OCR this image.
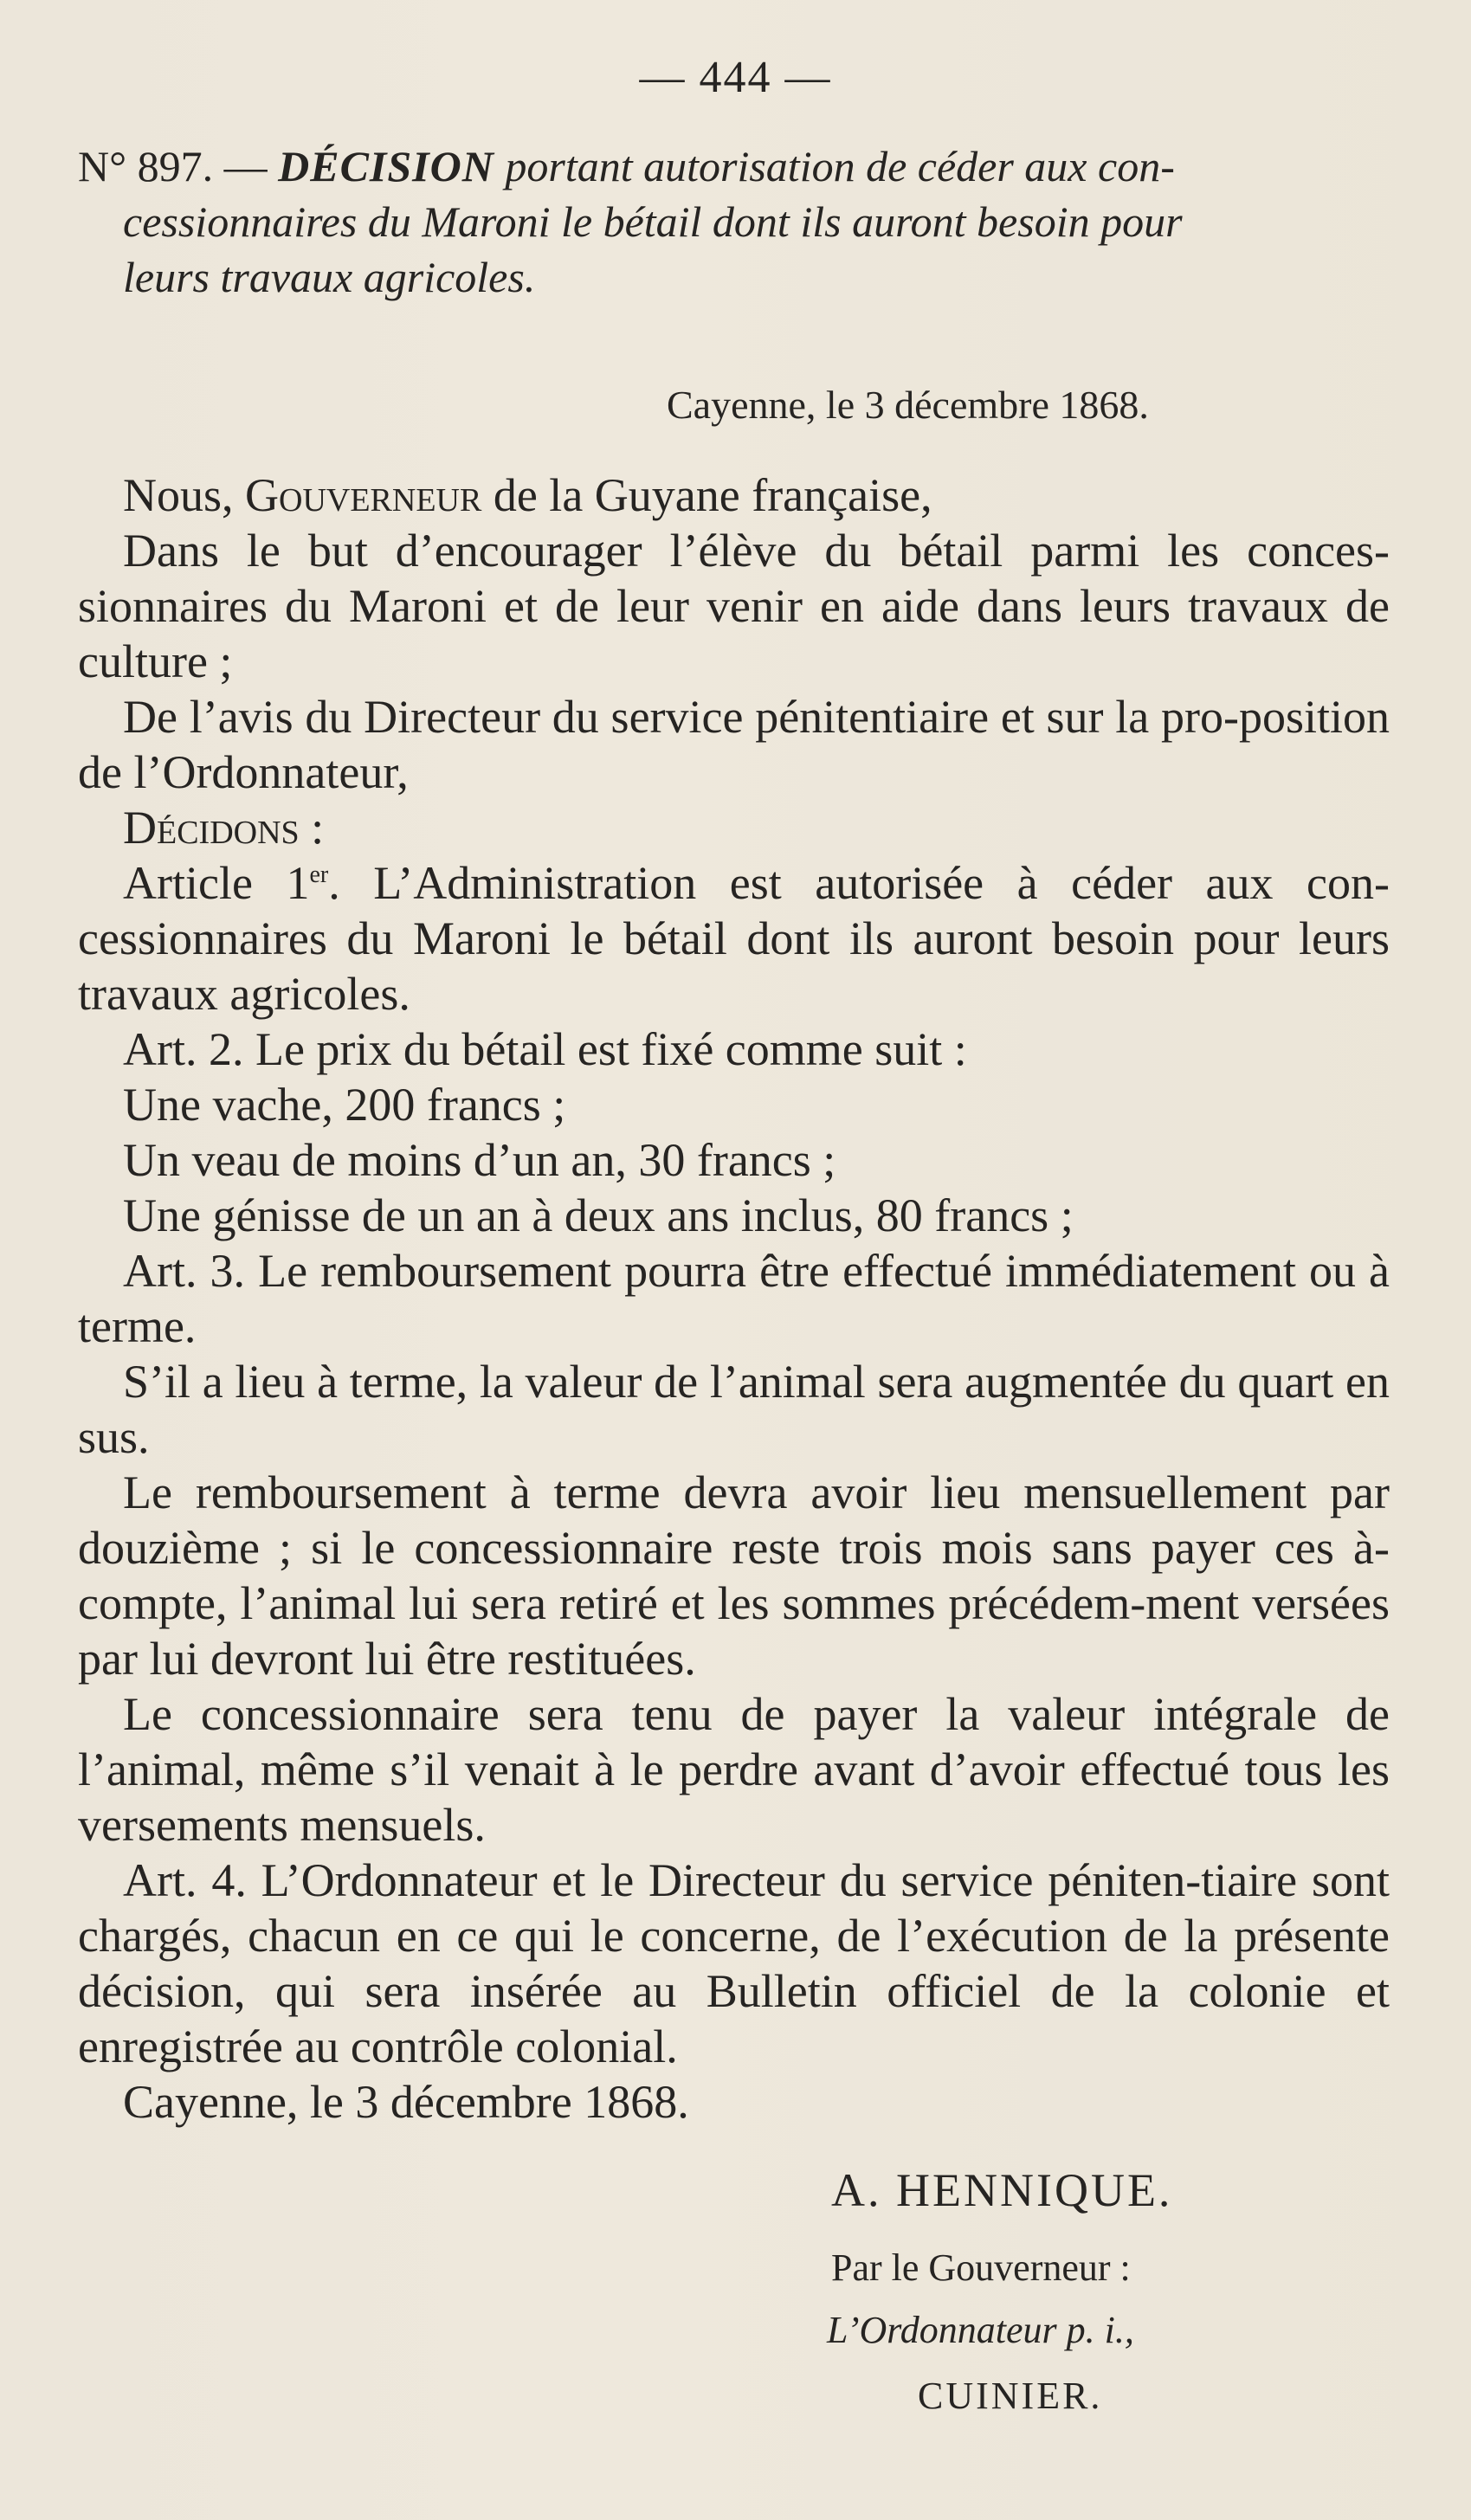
— 444 —
N° 897. — DÉCISION portant autorisation de céder aux con-
cessionnaires du Maroni le bétail dont ils auront besoin pour
leurs travaux agricoles.
Cayenne, le 3 décembre 1868.

Nous, Gouverneur de la Guyane française,

Dans le but d’encourager l’élève du bétail parmi les conces-sionnaires du Maroni et de leur venir en aide dans leurs travaux de culture ;

De l’avis du Directeur du service pénitentiaire et sur la pro-position de l’Ordonnateur,

Décidons :

Article 1er. L’Administration est autorisée à céder aux con-cessionnaires du Maroni le bétail dont ils auront besoin pour leurs travaux agricoles.

Art. 2. Le prix du bétail est fixé comme suit :

Une vache, 200 francs ;

Un veau de moins d’un an, 30 francs ;

Une génisse de un an à deux ans inclus, 80 francs ;

Art. 3. Le remboursement pourra être effectué immédiatement ou à terme.

S’il a lieu à terme, la valeur de l’animal sera augmentée du quart en sus.

Le remboursement à terme devra avoir lieu mensuellement par douzième ; si le concessionnaire reste trois mois sans payer ces à-compte, l’animal lui sera retiré et les sommes précédem-ment versées par lui devront lui être restituées.

Le concessionnaire sera tenu de payer la valeur intégrale de l’animal, même s’il venait à le perdre avant d’avoir effectué tous les versements mensuels.

Art. 4. L’Ordonnateur et le Directeur du service péniten-tiaire sont chargés, chacun en ce qui le concerne, de l’exécution de la présente décision, qui sera insérée au Bulletin officiel de la colonie et enregistrée au contrôle colonial.

Cayenne, le 3 décembre 1868.

A. HENNIQUE.
Par le Gouverneur :
L’Ordonnateur p. i.,
CUINIER.
